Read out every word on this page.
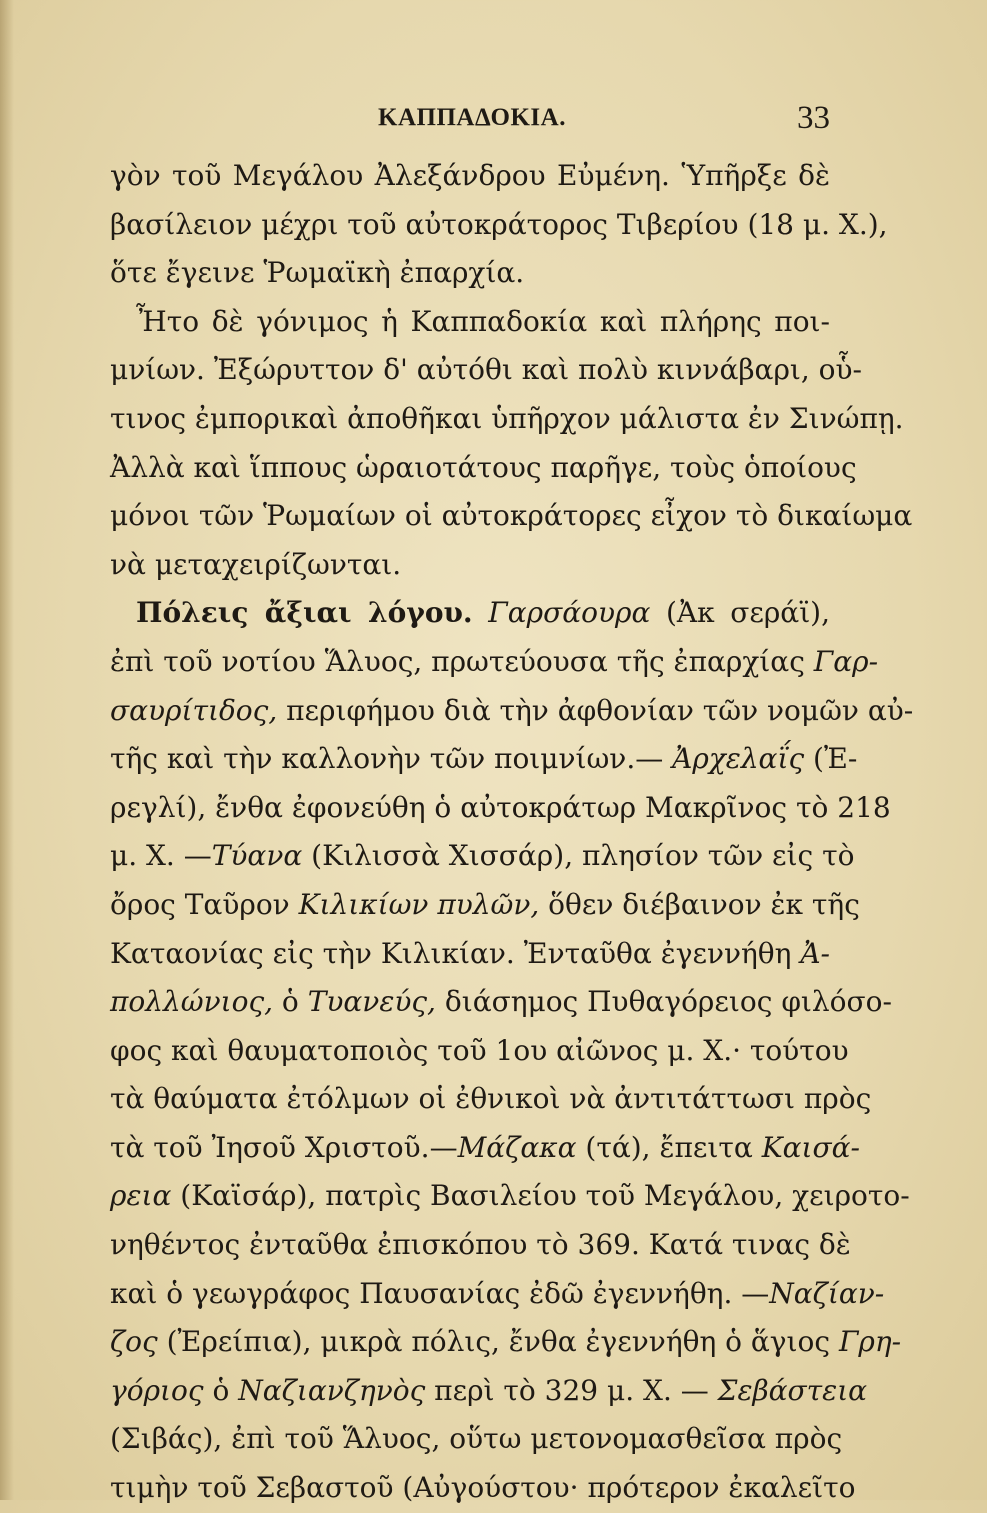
ΚΑΠΠΑΔΟΚΙΑ.	33
γὸν τοῦ Μεγάλου Ἀλεξάνδρου Εὐμένη. Ὑπῆρξε δὲ
βασίλειον μέχρι τοῦ αὐτοκράτορος Τιβερίου (18 μ. Χ.),
ὅτε ἔγεινε Ῥωμαϊκὴ ἐπαρχία.
Ἦτο δὲ γόνιμος ἡ Καππαδοκία καὶ πλήρης ποι-
μνίων. Ἐξώρυττον δ' αὐτόθι καὶ πολὺ κιννάβαρι, οὗ-
τινος ἐμπορικαὶ ἀποθῆκαι ὑπῆρχον μάλιστα ἐν Σινώπῃ.
Ἀλλὰ καὶ ἵππους ὡραιοτάτους παρῆγε, τοὺς ὁποίους
μόνοι τῶν Ῥωμαίων οἱ αὐτοκράτορες εἶχον τὸ δικαίωμα
νὰ μεταχειρίζωνται.
Πόλεις ἄξιαι λόγου. Γαρσάουρα (Ἀκ σεράϊ),
ἐπὶ τοῦ νοτίου Ἅλυος, πρωτεύουσα τῆς ἐπαρχίας Γαρ-
σαυρίτιδος, περιφήμου διὰ τὴν ἀφθονίαν τῶν νομῶν αὐ-
τῆς καὶ τὴν καλλονὴν τῶν ποιμνίων.— Ἀρχελαΐς (Ἐ-
ρεγλί), ἔνθα ἐφονεύθη ὁ αὐτοκράτωρ Μακρῖνος τὸ 218
μ. Χ. —Τύανα (Κιλισσὰ Χισσάρ), πλησίον τῶν εἰς τὸ
ὄρος Ταῦρον Κιλικίων πυλῶν, ὅθεν διέβαινον ἐκ τῆς
Καταονίας εἰς τὴν Κιλικίαν. Ἐνταῦθα ἐγεννήθη Ἀ-
πολλώνιος, ὁ Τυανεύς, διάσημος Πυθαγόρειος φιλόσο-
φος καὶ θαυματοποιὸς τοῦ 1ου αἰῶνος μ. Χ.· τούτου
τὰ θαύματα ἐτόλμων οἱ ἐθνικοὶ νὰ ἀντιτάττωσι πρὸς
τὰ τοῦ Ἰησοῦ Χριστοῦ.—Μάζακα (τά), ἔπειτα Καισά-
ρεια (Καϊσάρ), πατρὶς Βασιλείου τοῦ Μεγάλου, χειροτο-
νηθέντος ἐνταῦθα ἐπισκόπου τὸ 369. Κατά τινας δὲ
καὶ ὁ γεωγράφος Παυσανίας ἐδῶ ἐγεννήθη. —Ναζίαν-
ζος (Ἐρείπια), μικρὰ πόλις, ἔνθα ἐγεννήθη ὁ ἅγιος Γρη-
γόριος ὁ Ναζιανζηνὸς περὶ τὸ 329 μ. Χ. — Σεβάστεια
(Σιβάς), ἐπὶ τοῦ Ἅλυος, οὕτω μετονομασθεῖσα πρὸς
τιμὴν τοῦ Σεβαστοῦ (Αὐγούστου· πρότερον ἐκαλεῖτο
